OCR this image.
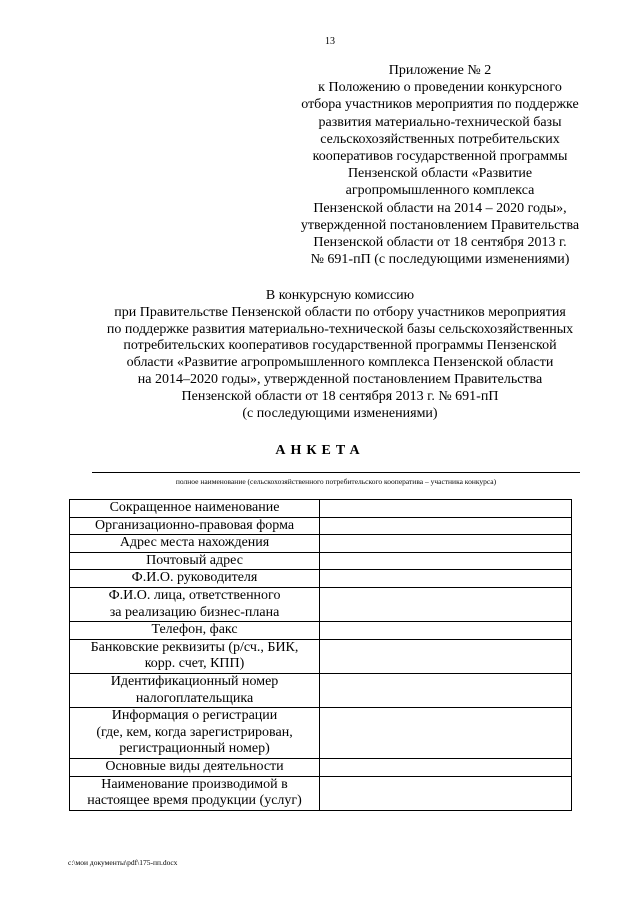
13
Приложение № 2
к Положению о проведении конкурсного
отбора участников мероприятия по поддержке
развития материально-технической базы
сельскохозяйственных потребительских
кооперативов государственной программы
Пензенской области «Развитие
агропромышленного комплекса
Пензенской области на 2014 – 2020 годы»,
утвержденной постановлением Правительства
Пензенской области от 18 сентября 2013 г.
№ 691-пП (с последующими изменениями)
В конкурсную комиссию
при Правительстве Пензенской области по отбору участников мероприятия
по поддержке развития материально-технической базы сельскохозяйственных
потребительских кооперативов государственной программы Пензенской
области «Развитие агропромышленного комплекса Пензенской области
на 2014–2020 годы», утвержденной постановлением Правительства
Пензенской области от 18 сентября 2013 г. № 691-пП
(с последующими изменениями)
АНКЕТА
полное наименование (сельскохозяйственного потребительского кооператива – участника конкурса)
Сокращенное наименование	

Организационно-правовая форма	

Адрес места нахождения	

Почтовый адрес	

Ф.И.О. руководителя	

Ф.И.О. лица, ответственного
за реализацию бизнес-плана	

Телефон, факс	

Банковские реквизиты (р/сч., БИК,
корр. счет, КПП)	

Идентификационный номер
налогоплательщика	

Информация о регистрации
(где, кем, когда зарегистрирован,
регистрационный номер)	

Основные виды деятельности	

Наименование производимой в
настоящее время продукции (услуг)	

c:\мои документы\pdf\175-пп.docx
